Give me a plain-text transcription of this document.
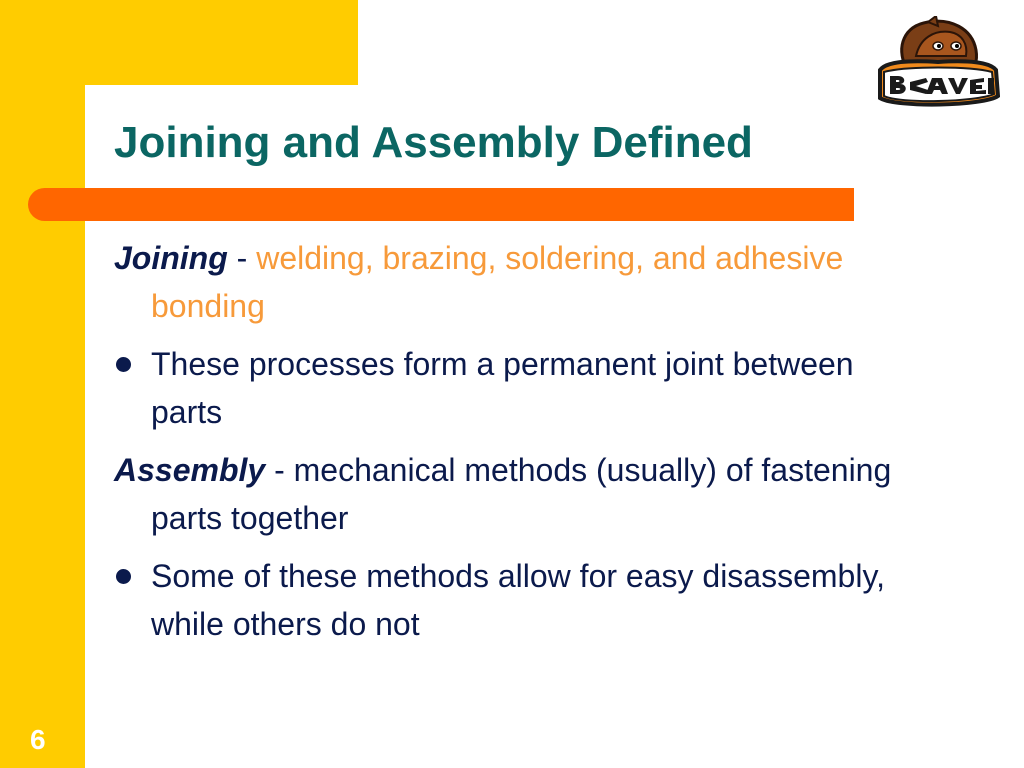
Joining and Assembly Defined

Joining - welding, brazing, soldering, and adhesive bonding

These processes form a permanent joint between parts

Assembly - mechanical methods (usually) of fastening parts together

Some of these methods allow for easy disassembly, while others do not

6
